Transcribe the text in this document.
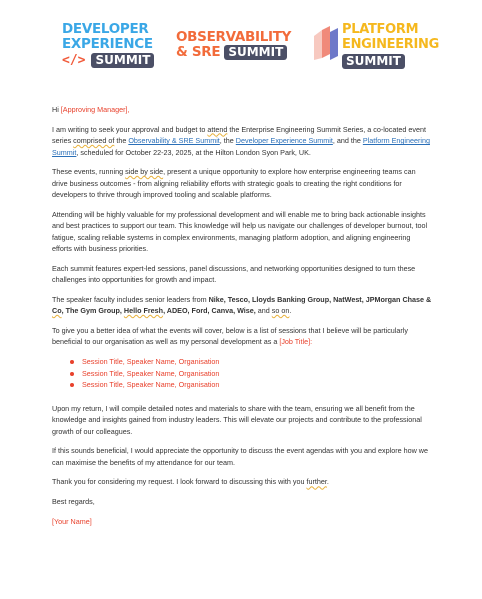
DEVELOPER
EXPERIENCE
</> SUMMIT
OBSERVABILITY
& SRE SUMMIT
PLATFORM
ENGINEERING
SUMMIT

Hi [Approving Manager],

I am writing to seek your approval and budget to attend the Enterprise Engineering Summit Series, a co-located event series comprised of the Observability & SRE Summit, the Developer Experience Summit, and the Platform Engineering Summit, scheduled for October 22-23, 2025, at the Hilton London Syon Park, UK.

These events, running side by side, present a unique opportunity to explore how enterprise engineering teams can drive business outcomes - from aligning reliability efforts with strategic goals to creating the right conditions for developers to thrive through improved tooling and scalable platforms.

Attending will be highly valuable for my professional development and will enable me to bring back actionable insights and best practices to support our team. This knowledge will help us navigate our challenges of developer burnout, tool fatigue, scaling reliable systems in complex environments, managing platform adoption, and aligning engineering efforts with business priorities.

Each summit features expert-led sessions, panel discussions, and networking opportunities designed to turn these challenges into opportunities for growth and impact.

The speaker faculty includes senior leaders from Nike, Tesco, Lloyds Banking Group, NatWest, JPMorgan Chase & Co, The Gym Group, Hello Fresh, ADEO, Ford, Canva, Wise, and so on.

To give you a better idea of what the events will cover, below is a list of sessions that I believe will be particularly beneficial to our organisation as well as my personal development as a [Job Title]:

Session Title, Speaker Name, Organisation
Session Title, Speaker Name, Organisation
Session Title, Speaker Name, Organisation

Upon my return, I will compile detailed notes and materials to share with the team, ensuring we all benefit from the knowledge and insights gained from industry leaders. This will elevate our projects and contribute to the professional growth of our colleagues.

If this sounds beneficial, I would appreciate the opportunity to discuss the event agendas with you and explore how we can maximise the benefits of my attendance for our team.

Thank you for considering my request. I look forward to discussing this with you further.

Best regards,

[Your Name]
